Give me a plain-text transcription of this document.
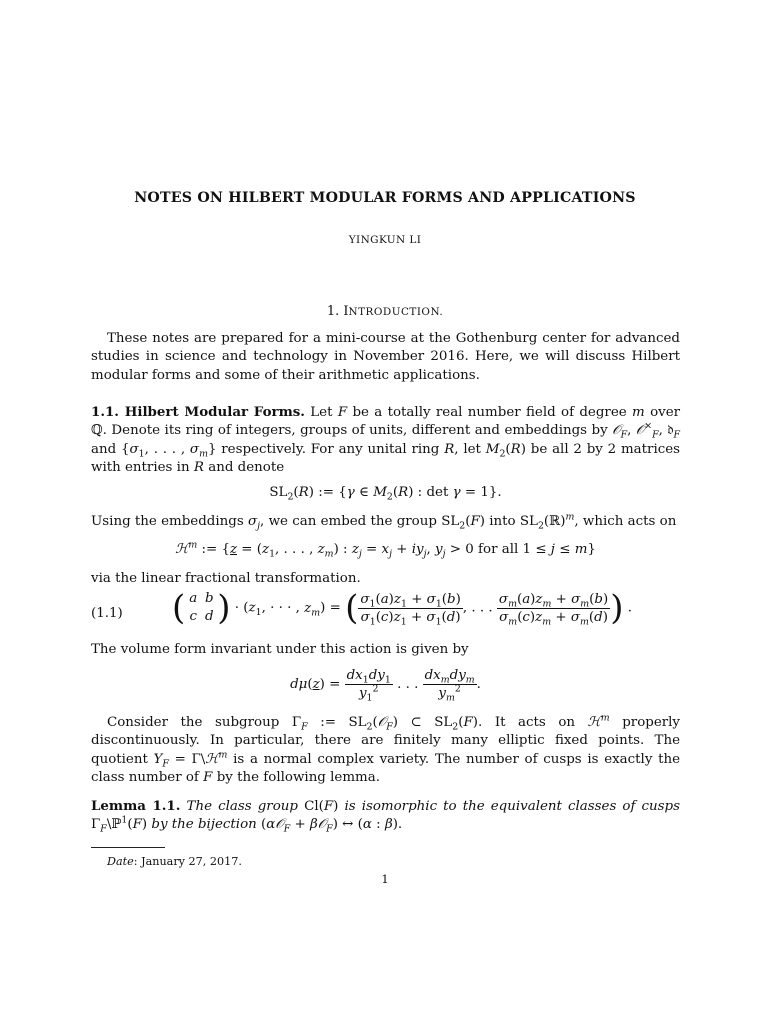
NOTES ON HILBERT MODULAR FORMS AND APPLICATIONS
YINGKUN LI
1. INTRODUCTION.
These notes are prepared for a mini-course at the Gothenburg center for advanced studies in science and technology in November 2016. Here, we will discuss Hilbert modular forms and some of their arithmetic applications.
1.1. Hilbert Modular Forms. Let F be a totally real number field of degree m over ℚ. Denote its ring of integers, groups of units, different and embeddings by 𝒪$_F$, 𝒪×$_F$, 𝔡$_F$ and {$\sigma_1$, . . . , $\sigma_m$} respectively. For any unital ring R, let $M_2(R)$ be all 2 by 2 matrices with entries in R and denote
$SL_2(R)$ := {γ ∈ $M_2(R)$ : det γ = 1}.
Using the embeddings $\sigma_j$, we can embed the group $SL_2(F)$ into $SL_2(ℝ)^m$, which acts on
ℋ$^m$ := {$z = (z_1$, . . . , $z_m$) : $z_j = x_j + iy_j$, $y_j > 0$ for all 1 ≤ j ≤ m}
via the linear fractional transformation.
(1.1) ( a b
c d ) · ($z_1$, · · · , $z_m$) = ( $\frac{\sigma_1(a)z_1 + \sigma_1(b)}{\sigma_1(c)z_1 + \sigma_1(d)}$ , . . . $\frac{\sigma_m(a)z_m + \sigma_m(b)}{\sigma_m(c)z_m + \sigma_m(d)}$ ) .
The volume form invariant under this action is given by
$d\mu(z) = \frac{dx_1dy_1}{y_1^2}$ . . . $\frac{dx_mdy_m}{y_m^2}$ .
Consider the subgroup $\Gamma_F$ := $SL_2(𝒪_F)$ ⊂ $SL_2(F)$. It acts on ℋ$^m$ properly discontinuously. In particular, there are finitely many elliptic fixed points. The quotient $Y_F$ = Γ\ℋ$^m$ is a normal complex variety. The number of cusps is exactly the class number of F by the following lemma.
Lemma 1.1. The class group Cl(F) is isomorphic to the equivalent classes of cusps $\Gamma_F\backslash ℙ^1(F)$ by the bijection (α𝒪$_F$ + β𝒪$_F$) ↔ (α : β).
Date: January 27, 2017.
1
